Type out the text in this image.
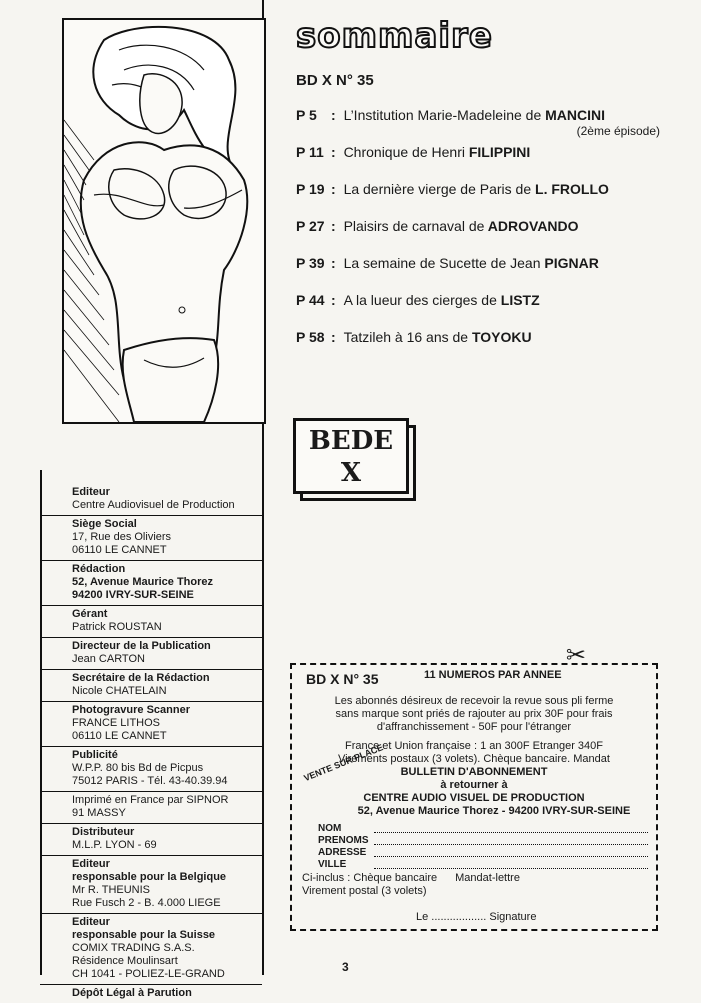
Editeur
Centre Audiovisuel de Production
Siège Social
17, Rue des Oliviers
06110 LE CANNET
Rédaction
52, Avenue Maurice Thorez
94200 IVRY-SUR-SEINE
Gérant
Patrick ROUSTAN
Directeur de la Publication
Jean CARTON
Secrétaire de la Rédaction
Nicole CHATELAIN
Photogravure Scanner
FRANCE LITHOS
06110 LE CANNET
Publicité
W.P.P. 80 bis Bd de Picpus
75012 PARIS - Tél. 43-40.39.94
Imprimé en France par SIPNOR
91 MASSY
Distributeur
M.L.P. LYON - 69
Editeur
responsable pour la Belgique
Mr R. THEUNIS
Rue Fusch 2 - B. 4.000 LIEGE
Editeur
responsable pour la Suisse
COMIX TRADING S.A.S.
Résidence Moulinsart
CH 1041 - POLIEZ-LE-GRAND
Dépôt Légal à Parution
sommaire
BD X N° 35
P 5 : L’Institution Marie-Madeleine de MANCINI
(2ème épisode)
P 11 : Chronique de Henri FILIPPINI
P 19 : La dernière vierge de Paris de L. FROLLO
P 27 : Plaisirs de carnaval de ADROVANDO
P 39 : La semaine de Sucette de Jean PIGNAR
P 44 : A la lueur des cierges de LISTZ
P 58 : Tatzileh à 16 ans de TOYOKU
BEDE
X
✂
BD X N° 35	11 NUMEROS PAR ANNEE

Les abonnés désireux de recevoir la revue sous pli ferme

sans marque sont priés de rajouter au prix 30F pour frais

d'affranchissement - 50F pour l'étranger

France et Union française : 1 an 300F Etranger 340F

Virements postaux (3 volets). Chèque bancaire. Mandat

BULLETIN D'ABONNEMENT

à retourner à

CENTRE AUDIO VISUEL DE PRODUCTION

52, Avenue Maurice Thorez - 94200 IVRY-SUR-SEINE

VENTE SUR PLACE
NOM
PRENOMS
ADRESSE
VILLE
Ci-inclus : Chèque bancaire Mandat-lettre
Virement postal (3 volets)
Le .................. Signature
3
